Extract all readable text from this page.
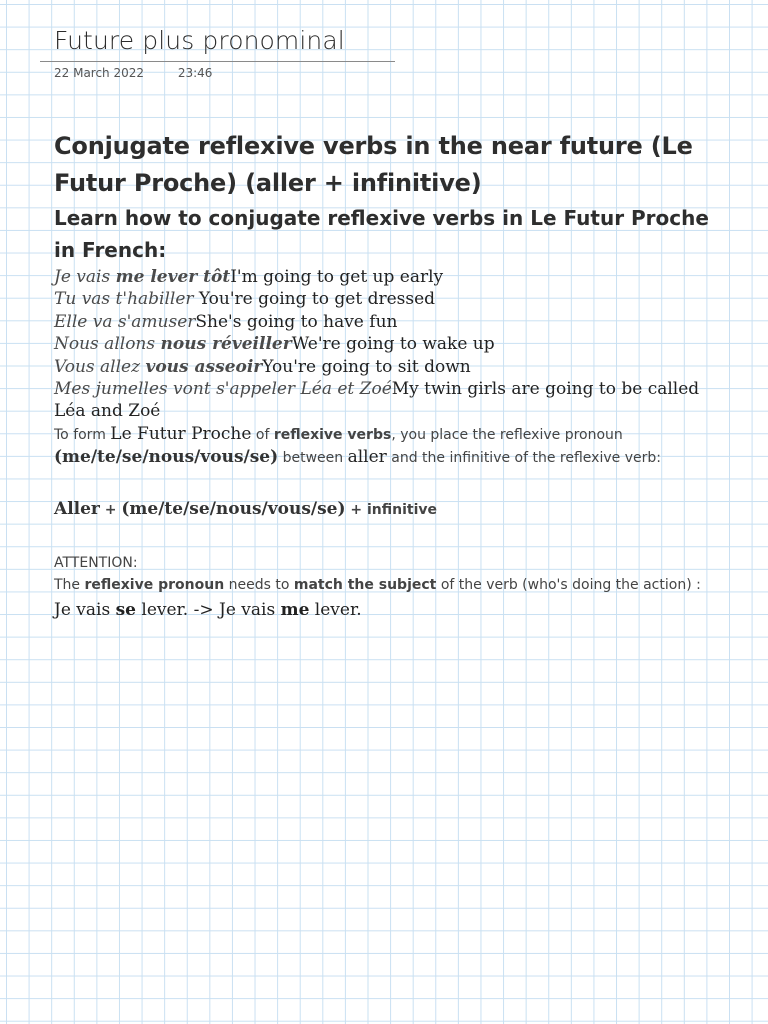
Future plus pronominal
22 March 2022	23:46

Conjugate reflexive verbs in the near future (Le Futur Proche) (aller + infinitive)

Learn how to conjugate reflexive verbs in Le Futur Proche in French:

Je vais me lever tôtI'm going to get up early
Tu vas t'habiller You're going to get dressed
Elle va s'amuserShe's going to have fun
Nous allons nous réveillerWe're going to wake up
Vous allez vous asseoirYou're going to sit down
Mes jumelles vont s'appeler Léa et ZoéMy twin girls are going to be called Léa and Zoé
To form Le Futur Proche of reflexive verbs, you place the reflexive pronoun (me/te/se/nous/vous/se) between aller and the infinitive of the reflexive verb:
Aller + (me/te/se/nous/vous/se) + infinitive
ATTENTION:
The reflexive pronoun needs to match the subject of the verb (who's doing the action) :
Je vais se lever. -> Je vais me lever.
